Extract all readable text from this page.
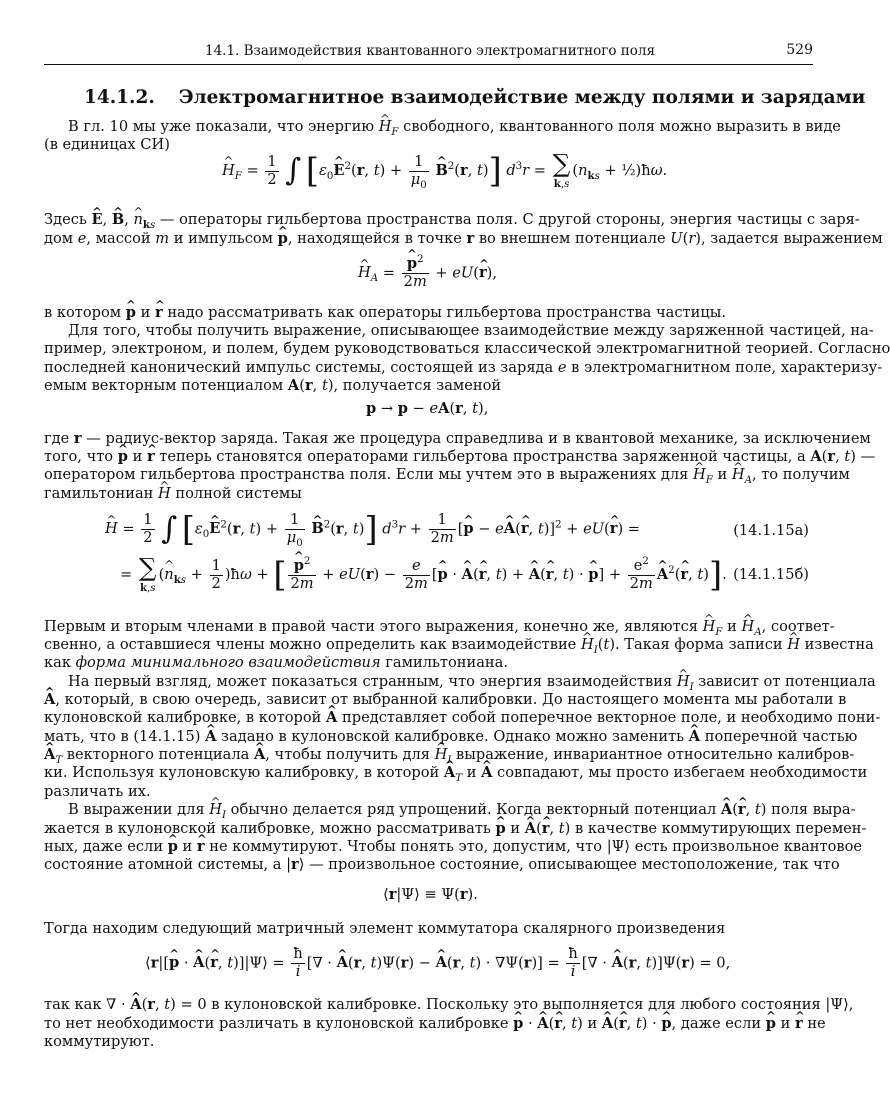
14.1. Взаимодействия квантованного электромагнитного поля	529
14.1.2. Электромагнитное взаимодействие между полями и зарядами
В гл. 10 мы уже показали, что энергию ^ $H_F$ свободного, квантованного поля можно выразить в виде
(в единицах СИ)
^ $H_F = \frac{1}{2}$ ∫ [$\varepsilon_0\^{}$ $E^2(r$, $t) + \frac{1}{\mu_0}$ ^ $B^2(r$, t)] $d^3r$ = ∑
k,s
($n_{ks}$ + ½)ħω.
Здесь ^ E, ^ B, ^ $n_{ks}$ — операторы гильбертова пространства поля. С другой стороны, энергия частицы с заря-
дом e, массой m и импульсом ^ p, находящейся в точке r во внешнем потенциале U(r), задается выражением
^ $H_A$ = ^ $\frac{p^2}{2m}$ + eU(^ r),
в котором ^ p и ^ r надо рассматривать как операторы гильбертова пространства частицы.
Для того, чтобы получить выражение, описывающее взаимодействие между заряженной частицей, на-
пример, электроном, и полем, будем руководствоваться классической электромагнитной теорией. Согласно
последней канонический импульс системы, состоящей из заряда e в электромагнитном поле, характеризу-
емым векторным потенциалом A(r, t), получается заменой
p → p − eA(r, t),
где r — радиус-вектор заряда. Такая же процедура справедлива и в квантовой механике, за исключением
того, что ^ p и ^ r теперь становятся операторами гильбертова пространства заряженной частицы, а A(r, t) —
оператором гильбертова пространства поля. Если мы учтем это в выражениях для ^ $H_F$ и ^ $H_A$, то получим
гамильтониан ^ H полной системы
^ $H = \frac{1}{2}$ ∫ [$\varepsilon_0\^{}$ $E^2(r$, $t) + \frac{1}{\mu_0}$ ^ $B^2(r$, t)] $d^3r + \frac{1}{2m}$ [^ p − e^ A(^ r, t)]$^2$ + eU(^ r) =	(14.1.15а)
= ∑
k,s
(^ $n_{ks} + \frac{1}{2}$ )ħω + [ ^ $\frac{p^2}{2m} + eU(r) - \frac{e}{2m}$ [^ p · ^ A(^ r, t) + ^ A(^ r, t) · ^ $p] + \frac{e^2}{2m}$ ^ $A^2(\^{}$ r, t)]. (14.1.15б)
Первым и вторым членами в правой части этого выражения, конечно же, являются ^ $H_F$ и ^ $H_A$, соответ-
свенно, а оставшиеся члены можно определить как взаимодействие ^ $H_I(t)$. Такая форма записи ^ H известна
как форма минимального взаимодействия гамильтониана.
На первый взгляд, может показаться странным, что энергия взаимодействия ^ $H_I$ зависит от потенциала
^ A, который, в свою очередь, зависит от выбранной калибровки. До настоящего момента мы работали в
кулоновской калибровке, в которой ^ A представляет собой поперечное векторное поле, и необходимо пони-
мать, что в (14.1.15) ^ A задано в кулоновской калибровке. Однако можно заменить ^ A поперечной частью
^ $A_T$ векторного потенциала ^ A, чтобы получить для ^ $H_I$ выражение, инвариантное относительно калибров-
ки. Используя кулоновскую калибровку, в которой ^ $A_T$ и ^ A совпадают, мы просто избегаем необходимости
различать их.
В выражении для ^ $H_I$ обычно делается ряд упрощений. Когда векторный потенциал ^ A(^ r, t) поля выра-
жается в кулоновской калибровке, можно рассматривать ^ p и ^ A(^ r, t) в качестве коммутирующих перемен-
ных, даже если ^ p и ^ r не коммутируют. Чтобы понять это, допустим, что |Ψ⟩ есть произвольное квантовое
состояние атомной системы, а |r⟩ — произвольное состояние, описывающее местоположение, так что
⟨r|Ψ⟩ ≡ Ψ(r).
Тогда находим следующий матричный элемент коммутатора скалярного произведения
⟨r|[^ p · ^ A(^ r, t)]|Ψ⟩ = $\frac{ħ}{i}$ [∇ · ^ A(r, t)Ψ(r) − ^ A(r, $t) \cdot \nabla\Psi(r)] = \frac{ħ}{i}$ [∇ · ^ A(r, t)]Ψ(r) = 0,
так как ∇ · ^ A(r, t) = 0 в кулоновской калибровке. Поскольку это выполняется для любого состояния |Ψ⟩,
то нет необходимости различать в кулоновской калибровке ^ p · ^ A(^ r, t) и ^ A(^ r, t) · ^ p, даже если ^ p и ^ r не
коммутируют.
